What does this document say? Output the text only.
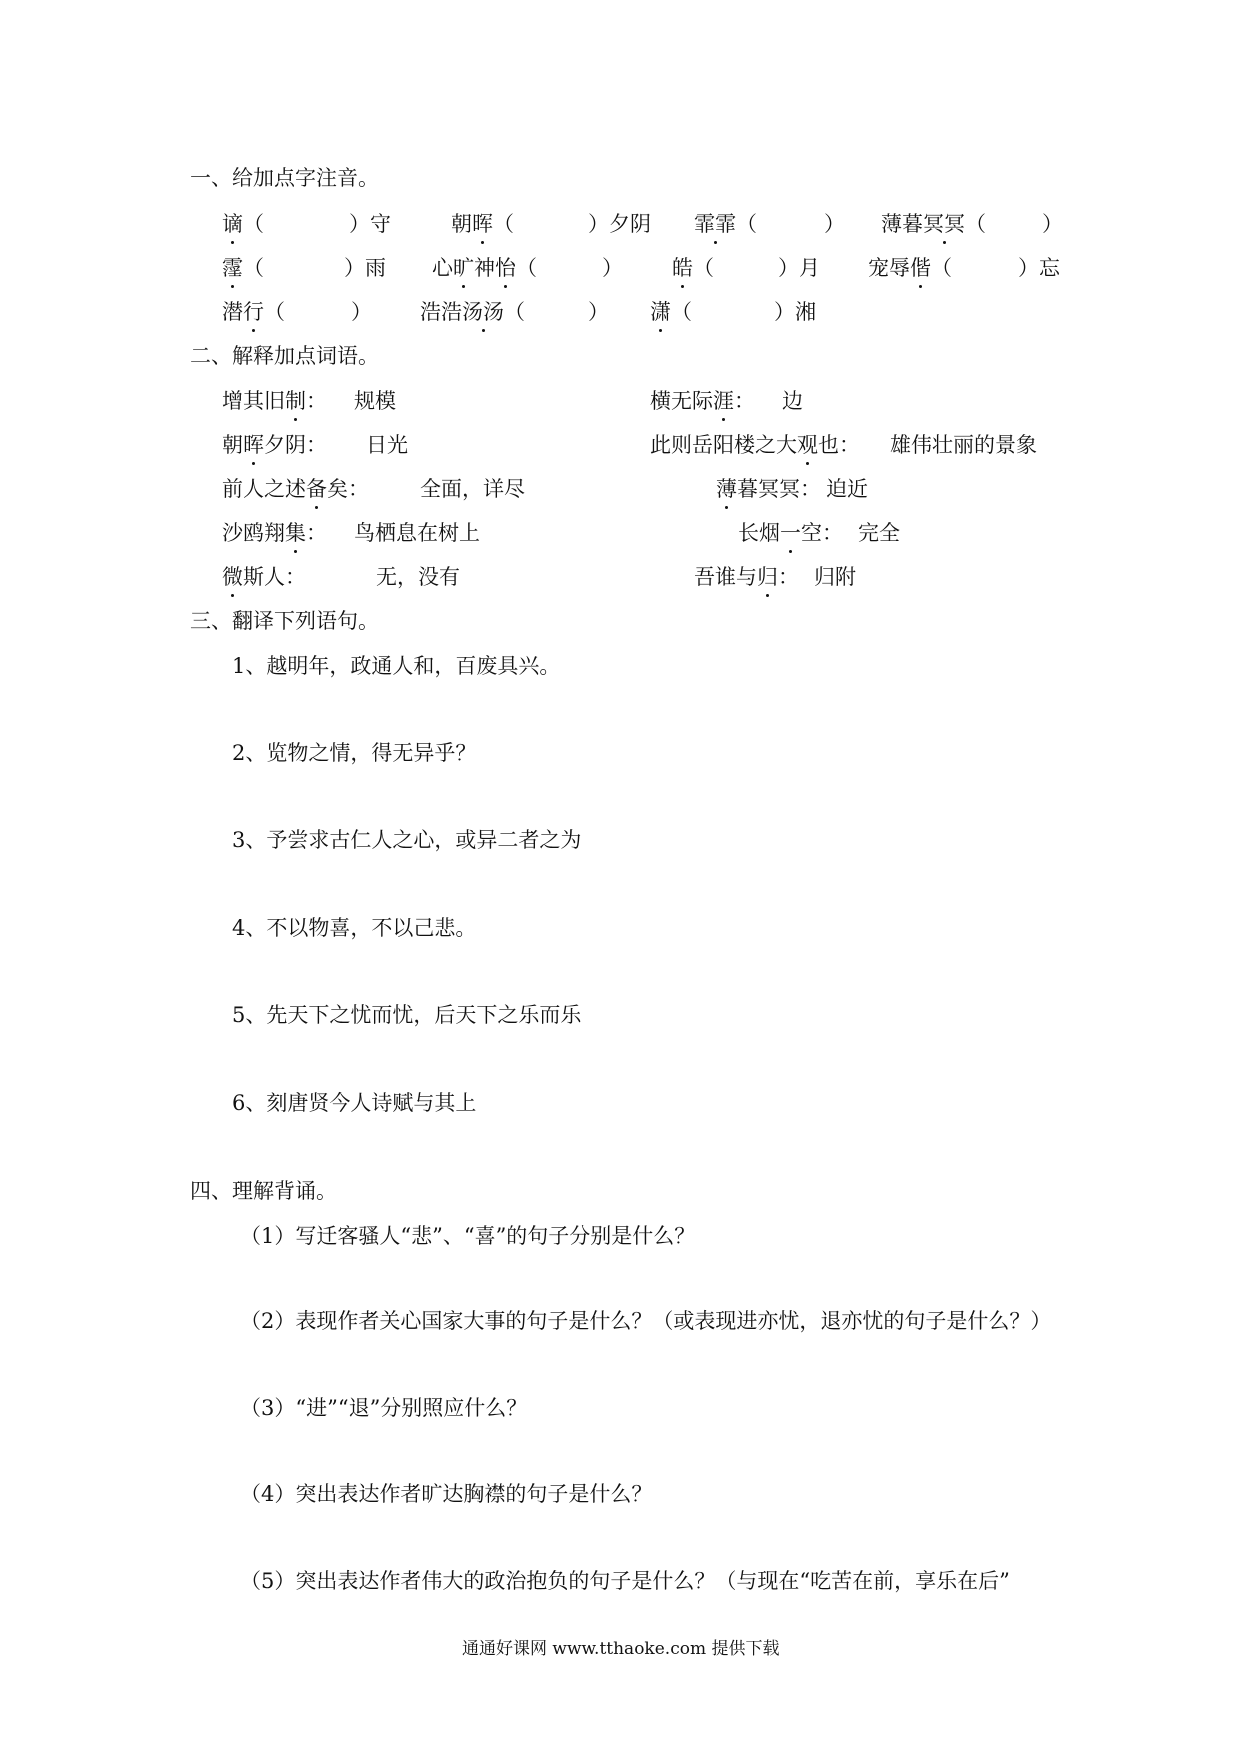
一、给加点字注音。
谪（	）守	朝晖（	）夕阴 霏霏（	） 薄暮冥冥（	）
霪（	）雨 心旷神怡（	） 皓（	）月 宠辱偕（	）忘
潜行（	） 浩浩汤汤（	） 潇（	）湘
二、解释加点词语。
增其旧制： 规模	横无际涯： 边
朝晖夕阴： 日光	此则岳阳楼之大观也： 雄伟壮丽的景象
前人之述备矣： 全面，详尽	薄暮冥冥： 迫近
沙鸥翔集： 鸟栖息在树上	长烟一空： 完全
微斯人：	无，没有	吾谁与归： 归附
三、翻译下列语句。
1、越明年，政通人和，百废具兴。
2、览物之情，得无异乎？
3、予尝求古仁人之心，或异二者之为
4、不以物喜，不以己悲。
5、先天下之忧而忧，后天下之乐而乐
6、刻唐贤今人诗赋与其上
四、理解背诵。
（1）写迁客骚人“悲”、“喜”的句子分别是什么？
（2）表现作者关心国家大事的句子是什么？（或表现进亦忧，退亦忧的句子是什么？）
（3）“进”“退”分别照应什么？
（4）突出表达作者旷达胸襟的句子是什么？
（5）突出表达作者伟大的政治抱负的句子是什么？（与现在“吃苦在前，享乐在后”
通通好课网 www.tthaoke.com 提供下载
